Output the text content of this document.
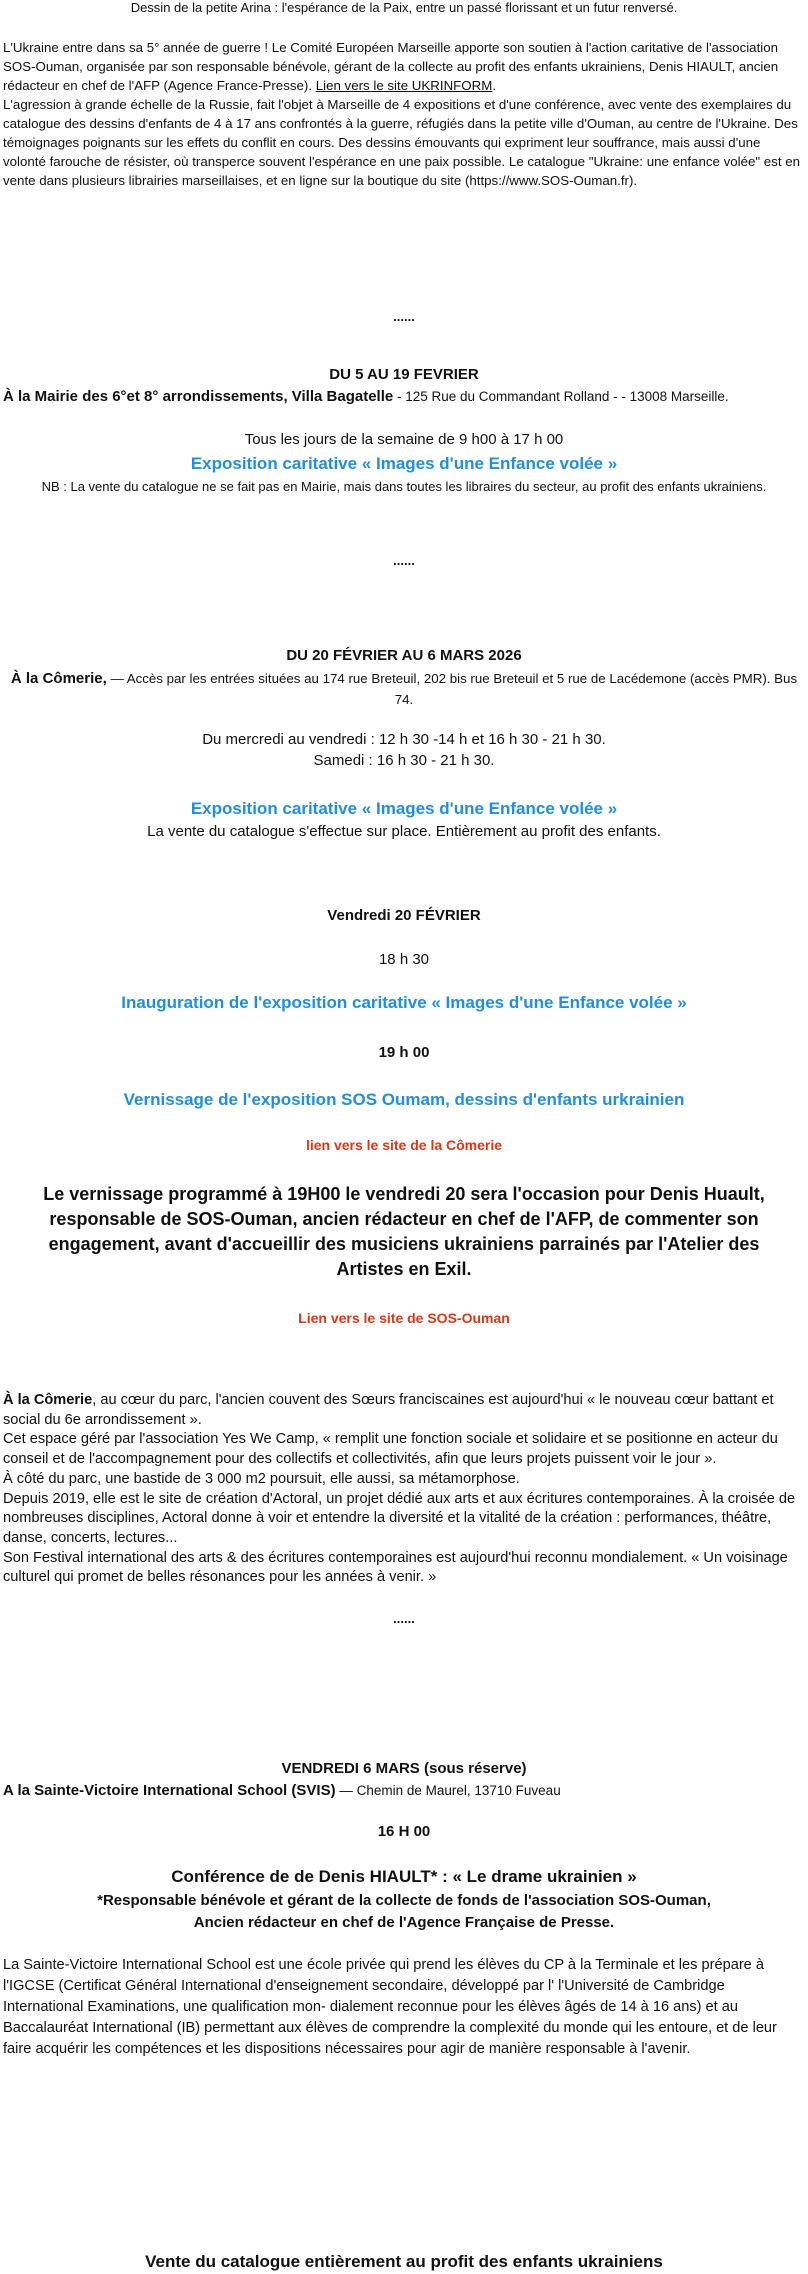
Dessin de la petite Arina : l'espérance de la Paix, entre un passé florissant et un futur renversé.

L'Ukraine entre dans sa 5° année de guerre ! Le Comité Européen Marseille apporte son soutien à l'action caritative de l'association SOS-Ouman, organisée par son responsable bénévole, gérant de la collecte au profit des enfants ukrainiens, Denis HIAULT, ancien rédacteur en chef de l'AFP (Agence France-Presse). Lien vers le site UKRINFORM.

L'agression à grande échelle de la Russie, fait l'objet à Marseille de 4 expositions et d'une conférence, avec vente des exemplaires du catalogue des dessins d'enfants de 4 à 17 ans confrontés à la guerre, réfugiés dans la petite ville d'Ouman, au centre de l'Ukraine. Des témoignages poignants sur les effets du conflit en cours. Des dessins émouvants qui expriment leur souffrance, mais aussi d'une volonté farouche de résister, où transperce souvent l'espérance en une paix possible. Le catalogue "Ukraine: une enfance volée" est en vente dans plusieurs librairies marseillaises, et en ligne sur la boutique du site (https://www.SOS-Ouman.fr).

......
DU 5 AU 19 FEVRIER
À la Mairie des 6°et 8° arrondissements, Villa Bagatelle - 125 Rue du Commandant Rolland - - 13008 Marseille.
Tous les jours de la semaine de 9 h00 à 17 h 00
Exposition caritative « Images d'une Enfance volée »
NB : La vente du catalogue ne se fait pas en Mairie, mais dans toutes les libraires du secteur, au profit des enfants ukrainiens.
......
DU 20 FÉVRIER AU 6 MARS 2026
À la Cômerie, — Accès par les entrées situées au 174 rue Breteuil, 202 bis rue Breteuil et 5 rue de Lacédemone (accès PMR). Bus 74.
Du mercredi au vendredi : 12 h 30 -14 h et 16 h 30 - 21 h 30.
Samedi : 16 h 30 - 21 h 30.
Exposition caritative « Images d'une Enfance volée »
La vente du catalogue s'effectue sur place. Entièrement au profit des enfants.
Vendredi 20 FÉVRIER
18 h 30
Inauguration de l'exposition caritative « Images d'une Enfance volée »
19 h 00
Vernissage de l'exposition SOS Oumam, dessins d'enfants urkrainien
lien vers le site de la Cômerie
Le vernissage programmé à 19H00 le vendredi 20 sera l'occasion pour Denis Huault, responsable de SOS-Ouman, ancien rédacteur en chef de l'AFP, de commenter son engagement, avant d'accueillir des musiciens ukrainiens parrainés par l'Atelier des Artistes en Exil.
Lien vers le site de SOS-Ouman

À la Cômerie, au cœur du parc, l'ancien couvent des Sœurs franciscaines est aujourd'hui « le nouveau cœur battant et social du 6e arrondissement ».

Cet espace géré par l'association Yes We Camp, « remplit une fonction sociale et solidaire et se positionne en acteur du conseil et de l'accompagnement pour des collectifs et collectivités, afin que leurs projets puissent voir le jour ».

À côté du parc, une bastide de 3 000 m2 poursuit, elle aussi, sa métamorphose.

Depuis 2019, elle est le site de création d'Actoral, un projet dédié aux arts et aux écritures contemporaines. À la croisée de nombreuses disciplines, Actoral donne à voir et entendre la diversité et la vitalité de la création : performances, théâtre, danse, concerts, lectures...

Son Festival international des arts & des écritures contemporaines est aujourd'hui reconnu mondialement. « Un voisinage culturel qui promet de belles résonances pour les années à venir. »

......
VENDREDI 6 MARS (sous réserve)
A la Sainte-Victoire International School (SVIS) — Chemin de Maurel, 13710 Fuveau
16 H 00
Conférence de de Denis HIAULT* : « Le drame ukrainien »
*Responsable bénévole et gérant de la collecte de fonds de l'association SOS-Ouman,
Ancien rédacteur en chef de l'Agence Française de Presse.
La Sainte-Victoire International School est une école privée qui prend les élèves du CP à la Terminale et les prépare à l'IGCSE (Certificat Général International d'enseignement secondaire, développé par l' l'Université de Cambridge International Examinations, une qualification mon- dialement reconnue pour les élèves âgés de 14 à 16 ans) et au Baccalauréat International (IB) permettant aux élèves de comprendre la complexité du monde qui les entoure, et de leur faire acquérir les compétences et les dispositions nécessaires pour agir de manière responsable à l'avenir.
Vente du catalogue entièrement au profit des enfants ukrainiens
